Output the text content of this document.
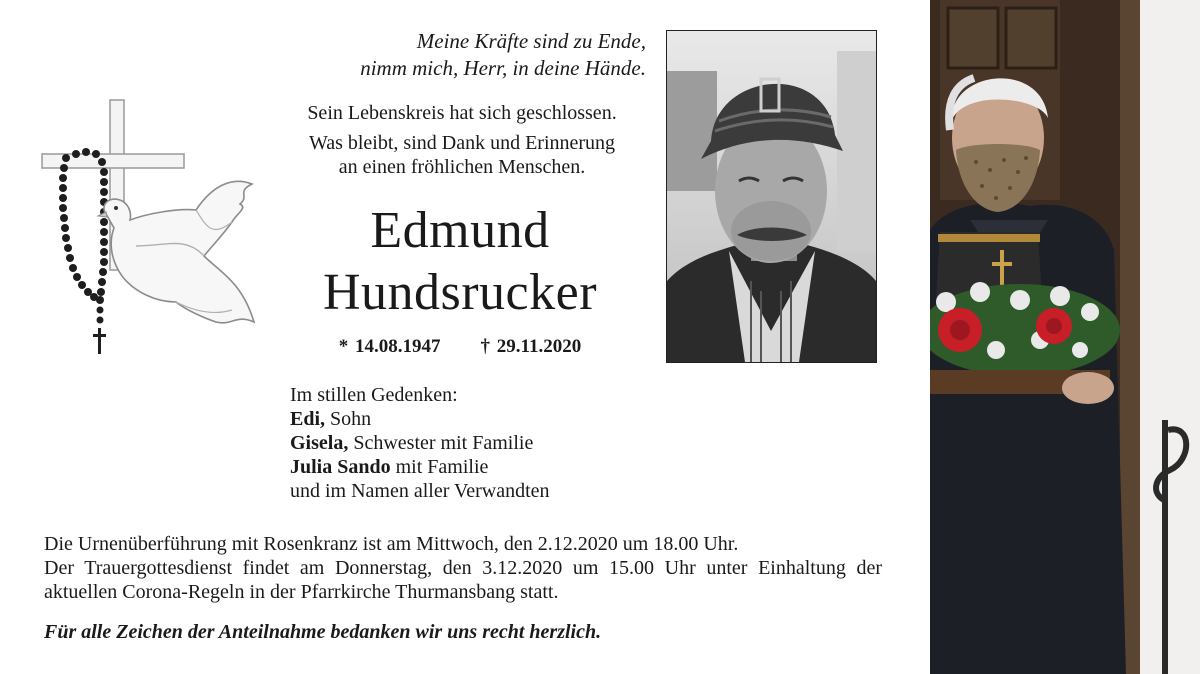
Meine Kräfte sind zu Ende,
nimm mich, Herr, in deine Hände.
Sein Lebenskreis hat sich geschlossen.
Was bleibt, sind Dank und Erinnerung
an einen fröhlichen Menschen.
Edmund
Hundsrucker
* 14.08.1947 † 29.11.2020
Im stillen Gedenken:
Edi, Sohn
Gisela, Schwester mit Familie
Julia Sando mit Familie
und im Namen aller Verwandten

Die Urnenüberführung mit Rosenkranz ist am Mittwoch, den 2.12.2020 um 18.00 Uhr.

Der Trauergottesdienst findet am Donnerstag, den 3.12.2020 um 15.00 Uhr unter Einhaltung der aktuellen Corona-Regeln in der Pfarrkirche Thurmansbang statt.

Für alle Zeichen der Anteilnahme bedanken wir uns recht herzlich.
